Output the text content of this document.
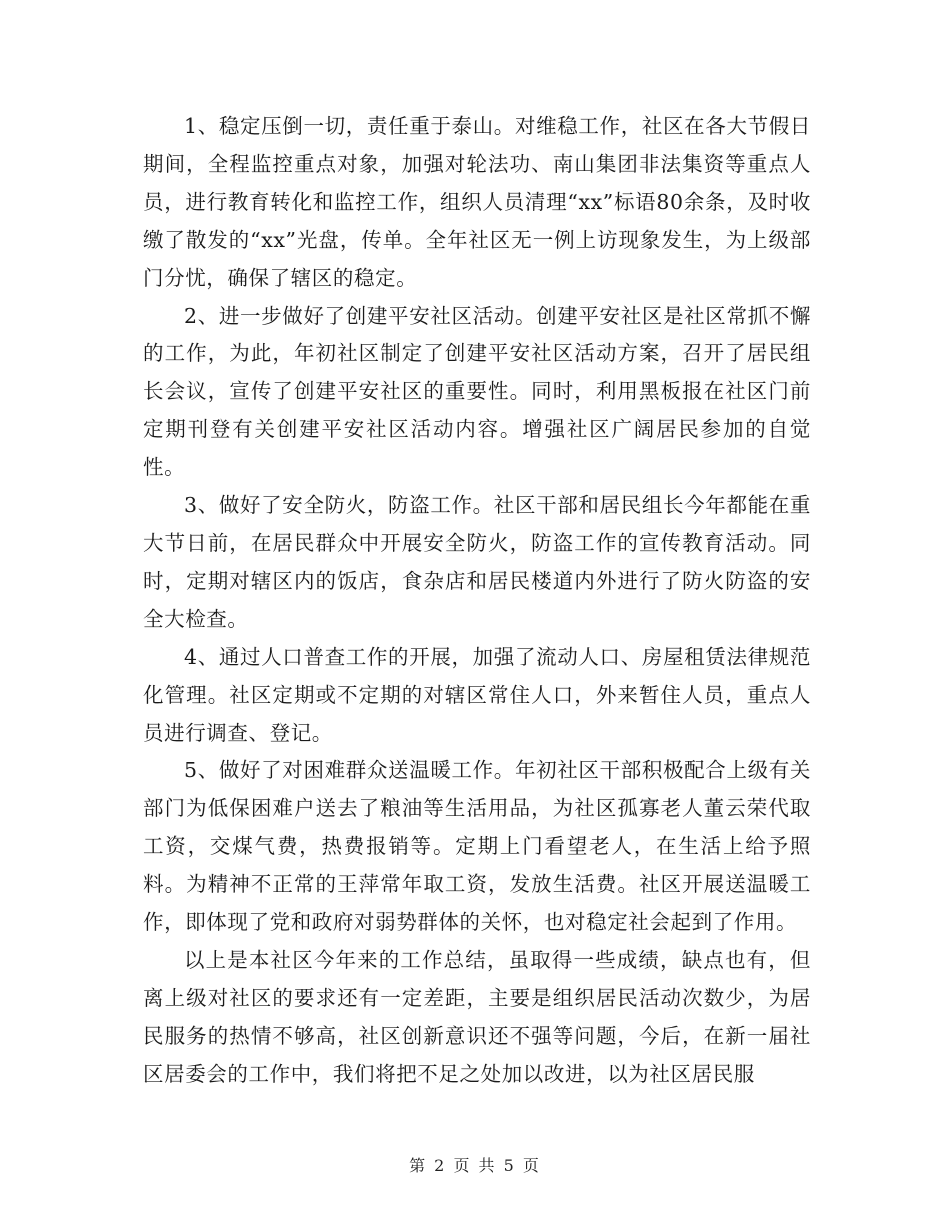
1、稳定压倒一切，责任重于泰山。对维稳工作，社区在各大节假日期间，全程监控重点对象，加强对轮法功、南山集团非法集资等重点人员，进行教育转化和监控工作，组织人员清理“xx”标语80余条，及时收缴了散发的“xx”光盘，传单。全年社区无一例上访现象发生，为上级部门分忧，确保了辖区的稳定。

2、进一步做好了创建平安社区活动。创建平安社区是社区常抓不懈的工作，为此，年初社区制定了创建平安社区活动方案，召开了居民组长会议，宣传了创建平安社区的重要性。同时，利用黑板报在社区门前定期刊登有关创建平安社区活动内容。增强社区广阔居民参加的自觉性。

3、做好了安全防火，防盗工作。社区干部和居民组长今年都能在重大节日前，在居民群众中开展安全防火，防盗工作的宣传教育活动。同时，定期对辖区内的饭店，食杂店和居民楼道内外进行了防火防盗的安全大检查。

4、通过人口普查工作的开展，加强了流动人口、房屋租赁法律规范化管理。社区定期或不定期的对辖区常住人口，外来暂住人员，重点人员进行调查、登记。

5、做好了对困难群众送温暖工作。年初社区干部积极配合上级有关部门为低保困难户送去了粮油等生活用品，为社区孤寡老人董云荣代取工资，交煤气费，热费报销等。定期上门看望老人，在生活上给予照料。为精神不正常的王萍常年取工资，发放生活费。社区开展送温暖工作，即体现了党和政府对弱势群体的关怀，也对稳定社会起到了作用。

以上是本社区今年来的工作总结，虽取得一些成绩，缺点也有，但离上级对社区的要求还有一定差距，主要是组织居民活动次数少，为居民服务的热情不够高，社区创新意识还不强等问题，今后，在新一届社区居委会的工作中，我们将把不足之处加以改进，以为社区居民服

第 2 页 共 5 页
